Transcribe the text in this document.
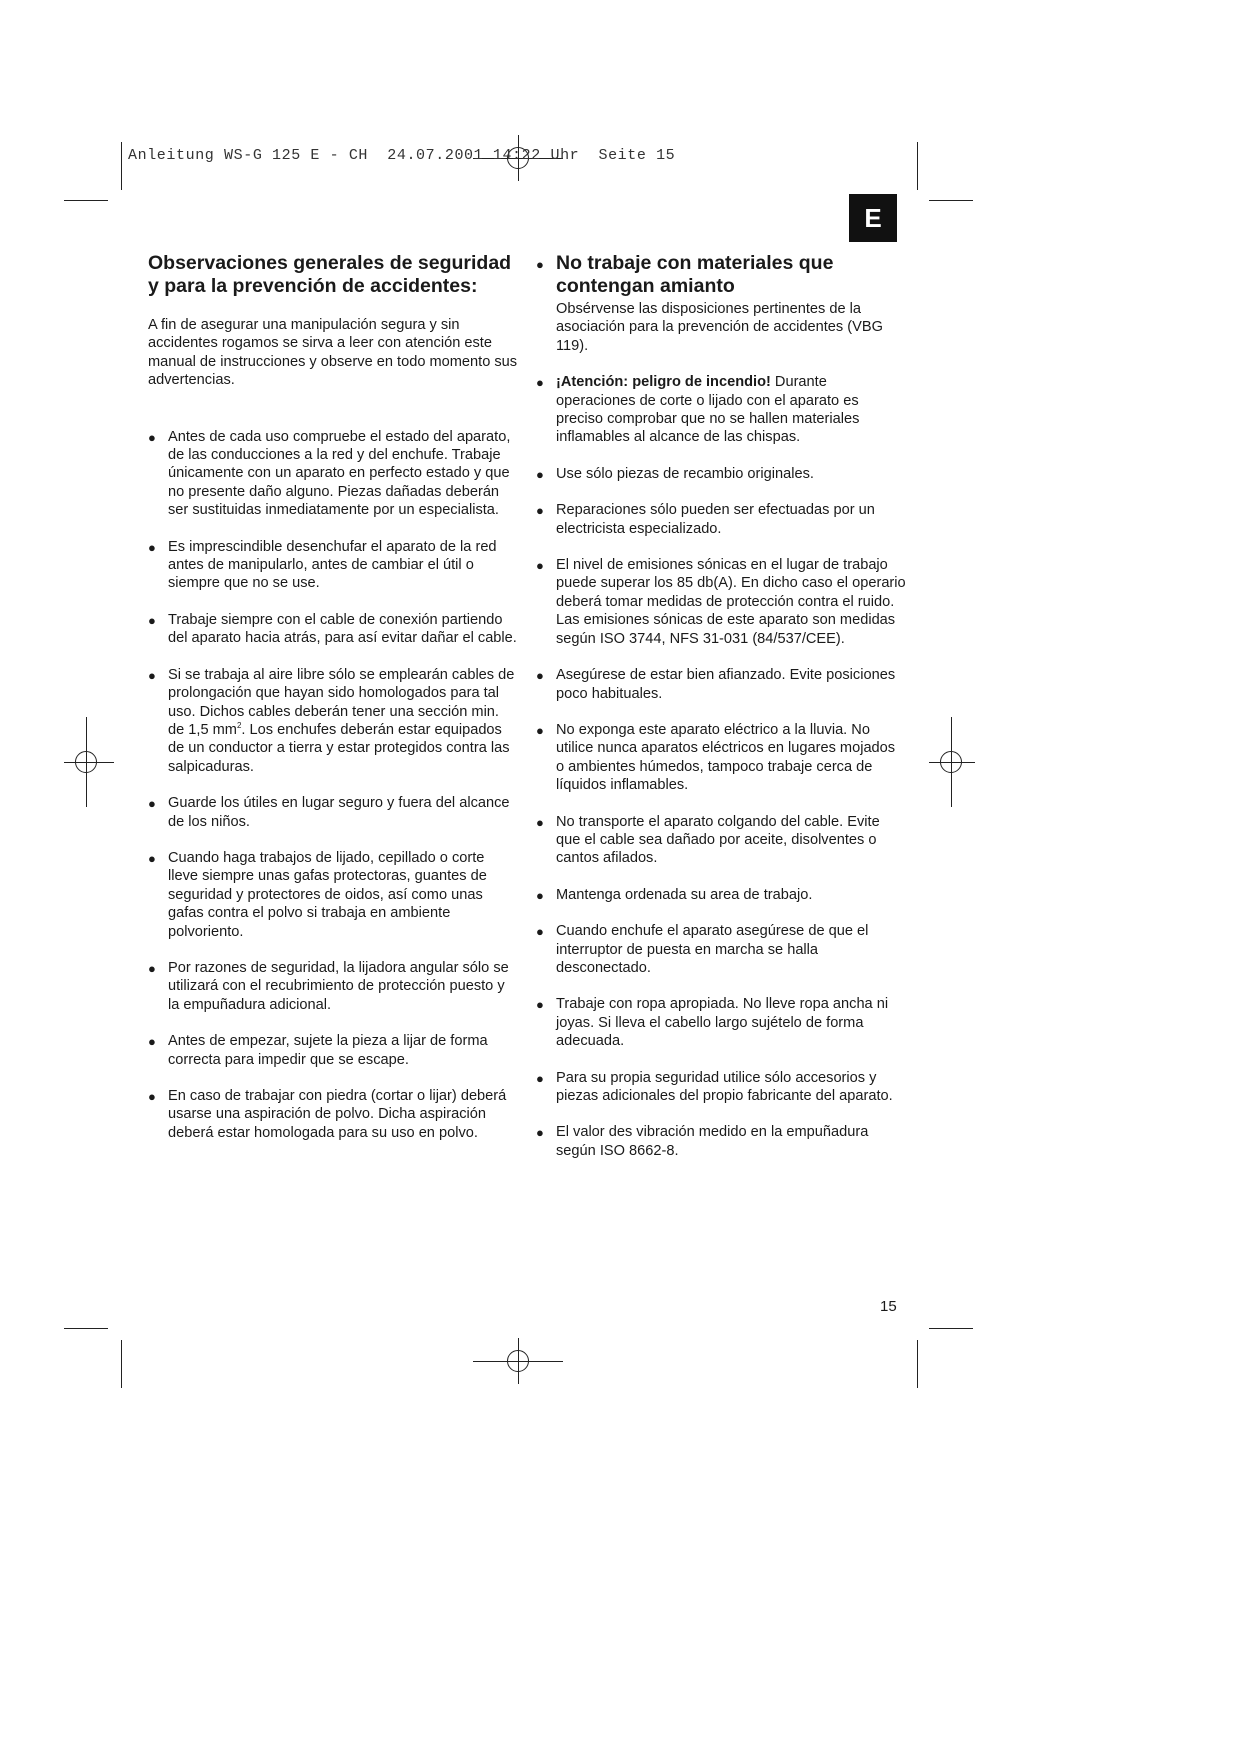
Anleitung WS-G 125 E - CH  24.07.2001 14:22 Uhr  Seite 15
E
Observaciones generales de seguridad y para la prevención de accidentes:

A fin de asegurar una manipulación segura y sin accidentes rogamos se sirva a leer con atención este manual de instrucciones y observe en todo momento sus advertencias.

● Antes de cada uso compruebe el estado del aparato, de las conducciones a la red y del enchufe. Trabaje únicamente con un aparato en perfecto estado y que no presente daño alguno. Piezas dañadas deberán ser sustituidas inmediatamente por un especialista.
● Es imprescindible desenchufar el aparato de la red antes de manipularlo, antes de cambiar el útil o siempre que no se use.
● Trabaje siempre con el cable de conexión partiendo del aparato hacia atrás, para así evitar dañar el cable.
● Si se trabaja al aire libre sólo se emplearán cables de prolongación que hayan sido homologados para tal uso. Dichos cables deberán tener una sección min. de 1,5 $mm^2$. Los enchufes deberán estar equipados de un conductor a tierra y estar protegidos contra las salpicaduras.
● Guarde los útiles en lugar seguro y fuera del alcance de los niños.
● Cuando haga trabajos de lijado, cepillado o corte lleve siempre unas gafas protectoras, guantes de seguridad y protectores de oidos, así como unas gafas contra el polvo si trabaja en ambiente polvoriento.
● Por razones de seguridad, la lijadora angular sólo se utilizará con el recubrimiento de protección puesto y la empuñadura adicional.
● Antes de empezar, sujete la pieza a lijar de forma correcta para impedir que se escape.
● En caso de trabajar con piedra (cortar o lijar) deberá usarse una aspiración de polvo. Dicha aspiración deberá estar homologada para su uso en polvo.
● No trabaje con materiales que contengan amianto
Obsérvense las disposiciones pertinentes de la asociación para la prevención de accidentes (VBG 119).
● ¡Atención: peligro de incendio! Durante operaciones de corte o lijado con el aparato es preciso comprobar que no se hallen materiales inflamables al alcance de las chispas.
● Use sólo piezas de recambio originales.
● Reparaciones sólo pueden ser efectuadas por un electricista especializado.
● El nivel de emisiones sónicas en el lugar de trabajo puede superar los 85 db(A). En dicho caso el operario deberá tomar medidas de protección contra el ruido. Las emisiones sónicas de este aparato son medidas según ISO 3744, NFS 31-031 (84/537/CEE).
● Asegúrese de estar bien afianzado. Evite posiciones poco habituales.
● No exponga este aparato eléctrico a la lluvia. No utilice nunca aparatos eléctricos en lugares mojados o ambientes húmedos, tampoco trabaje cerca de líquidos inflamables.
● No transporte el aparato colgando del cable. Evite que el cable sea dañado por aceite, disolventes o cantos afilados.
● Mantenga ordenada su area de trabajo.
● Cuando enchufe el aparato asegúrese de que el interruptor de puesta en marcha se halla desconectado.
● Trabaje con ropa apropiada. No lleve ropa ancha ni joyas. Si lleva el cabello largo sujételo de forma adecuada.
● Para su propia seguridad utilice sólo accesorios y piezas adicionales del propio fabricante del aparato.
● El valor des vibración medido en la empuñadura según ISO 8662-8.
15
